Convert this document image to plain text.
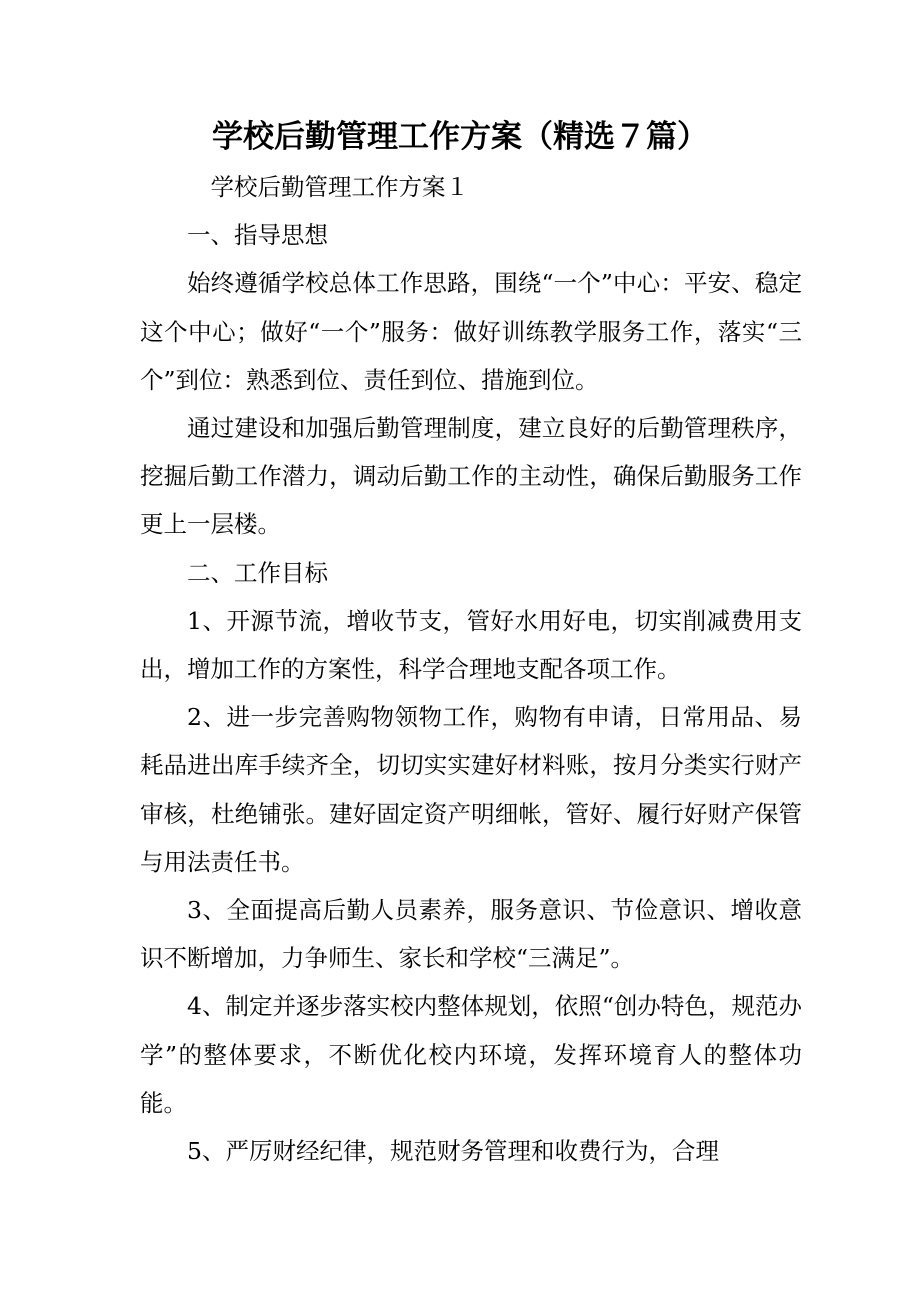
学校后勤管理工作方案（精选７篇）

学校后勤管理工作方案１

一、指导思想

始终遵循学校总体工作思路，围绕“一个”中心：平安、稳定这个中心；做好“一个”服务：做好训练教学服务工作，落实“三个”到位：熟悉到位、责任到位、措施到位。

通过建设和加强后勤管理制度，建立良好的后勤管理秩序，挖掘后勤工作潜力，调动后勤工作的主动性，确保后勤服务工作更上一层楼。

二、工作目标

1、开源节流，增收节支，管好水用好电，切实削减费用支出，增加工作的方案性，科学合理地支配各项工作。

2、进一步完善购物领物工作，购物有申请，日常用品、易耗品进出库手续齐全，切切实实建好材料账，按月分类实行财产审核，杜绝铺张。建好固定资产明细帐，管好、履行好财产保管与用法责任书。

3、全面提高后勤人员素养，服务意识、节俭意识、增收意识不断增加，力争师生、家长和学校“三满足”。

4、制定并逐步落实校内整体规划，依照“创办特色，规范办学”的整体要求，不断优化校内环境，发挥环境育人的整体功能。

5、严厉财经纪律，规范财务管理和收费行为，合理
